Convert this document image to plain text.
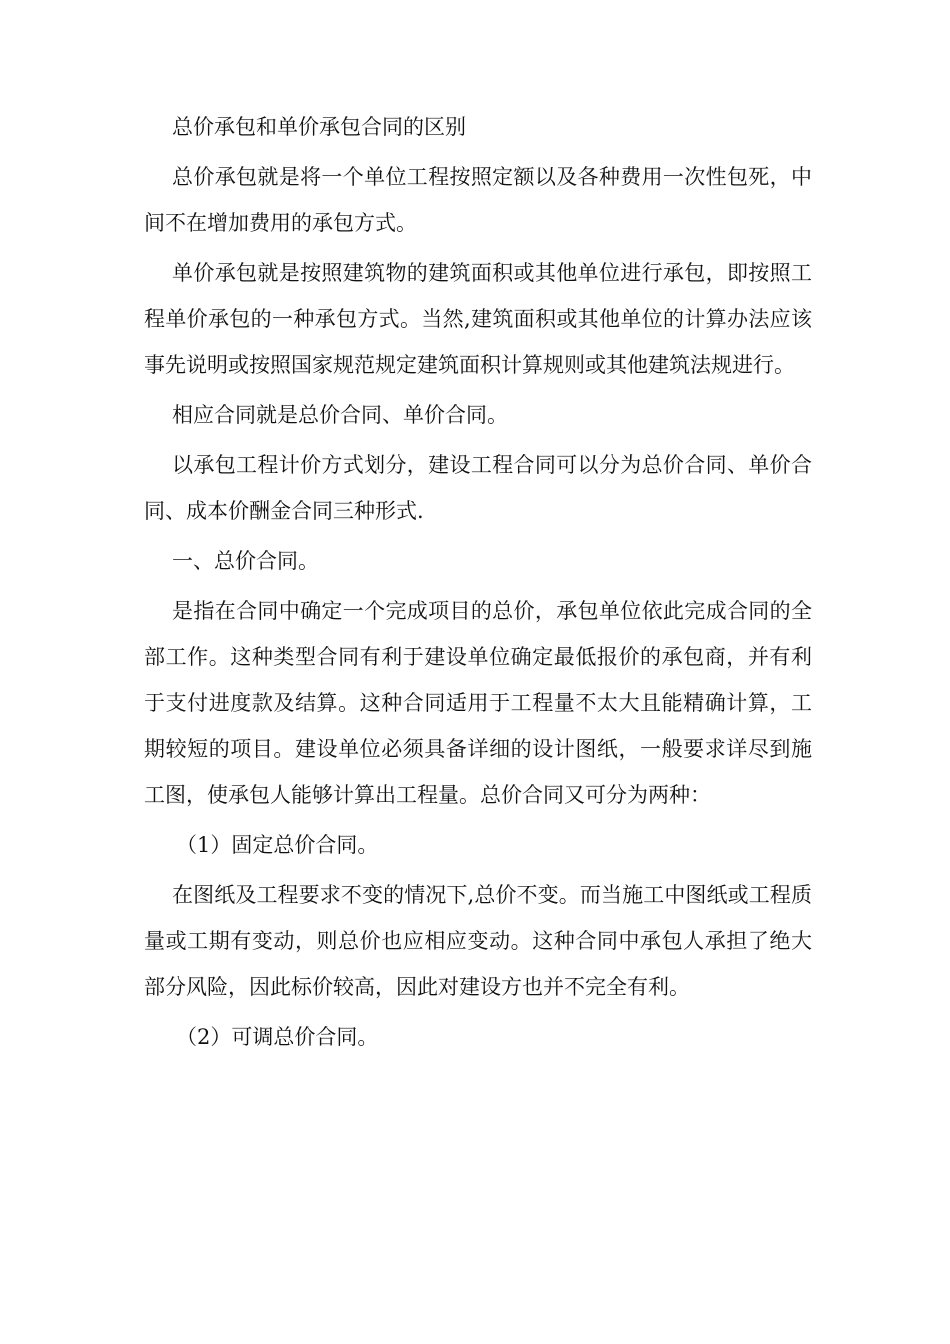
总价承包和单价承包合同的区别

总价承包就是将一个单位工程按照定额以及各种费用一次性包死，中间不在增加费用的承包方式。

单价承包就是按照建筑物的建筑面积或其他单位进行承包，即按照工程单价承包的一种承包方式。当然,建筑面积或其他单位的计算办法应该事先说明或按照国家规范规定建筑面积计算规则或其他建筑法规进行。

相应合同就是总价合同、单价合同。

以承包工程计价方式划分，建设工程合同可以分为总价合同、单价合同、成本价酬金合同三种形式.

一、总价合同。

是指在合同中确定一个完成项目的总价，承包单位依此完成合同的全部工作。这种类型合同有利于建设单位确定最低报价的承包商，并有利于支付进度款及结算。这种合同适用于工程量不太大且能精确计算，工期较短的项目。建设单位必须具备详细的设计图纸，一般要求详尽到施工图，使承包人能够计算出工程量。总价合同又可分为两种：

（1）固定总价合同。

在图纸及工程要求不变的情况下,总价不变。而当施工中图纸或工程质量或工期有变动，则总价也应相应变动。这种合同中承包人承担了绝大部分风险，因此标价较高，因此对建设方也并不完全有利。

（2）可调总价合同。
